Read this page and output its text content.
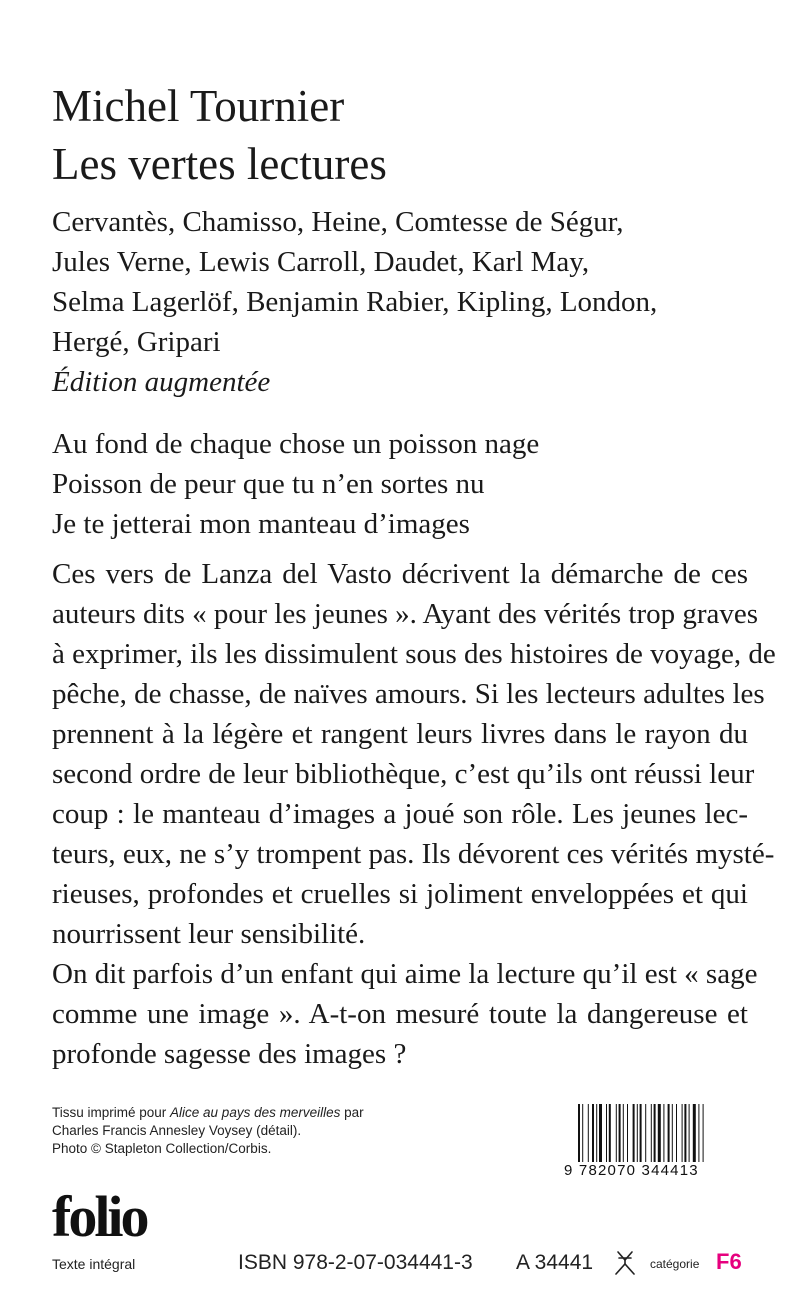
Michel Tournier
Les vertes lectures
Cervantès, Chamisso, Heine, Comtesse de Ségur,
Jules Verne, Lewis Carroll, Daudet, Karl May,
Selma Lagerlöf, Benjamin Rabier, Kipling, London,
Hergé, Gripari
Édition augmentée
Au fond de chaque chose un poisson nage
Poisson de peur que tu n’en sortes nu
Je te jetterai mon manteau d’images
Ces vers de Lanza del Vasto décrivent la démarche de ces
auteurs dits « pour les jeunes ». Ayant des vérités trop graves
à exprimer, ils les dissimulent sous des histoires de voyage, de
pêche, de chasse, de naïves amours. Si les lecteurs adultes les
prennent à la légère et rangent leurs livres dans le rayon du
second ordre de leur bibliothèque, c’est qu’ils ont réussi leur
coup : le manteau d’images a joué son rôle. Les jeunes lec-
teurs, eux, ne s’y trompent pas. Ils dévorent ces vérités mysté-
rieuses, profondes et cruelles si joliment enveloppées et qui
nourrissent leur sensibilité.
On dit parfois d’un enfant qui aime la lecture qu’il est « sage
comme une image ». A-t-on mesuré toute la dangereuse et
profonde sagesse des images ?
Tissu imprimé pour Alice au pays des merveilles par
Charles Francis Annesley Voysey (détail).
Photo © Stapleton Collection/Corbis.
9 782070 344413
folio
Texte intégral	ISBN 978-2-07-034441-3 A 34441	catégorie F6
